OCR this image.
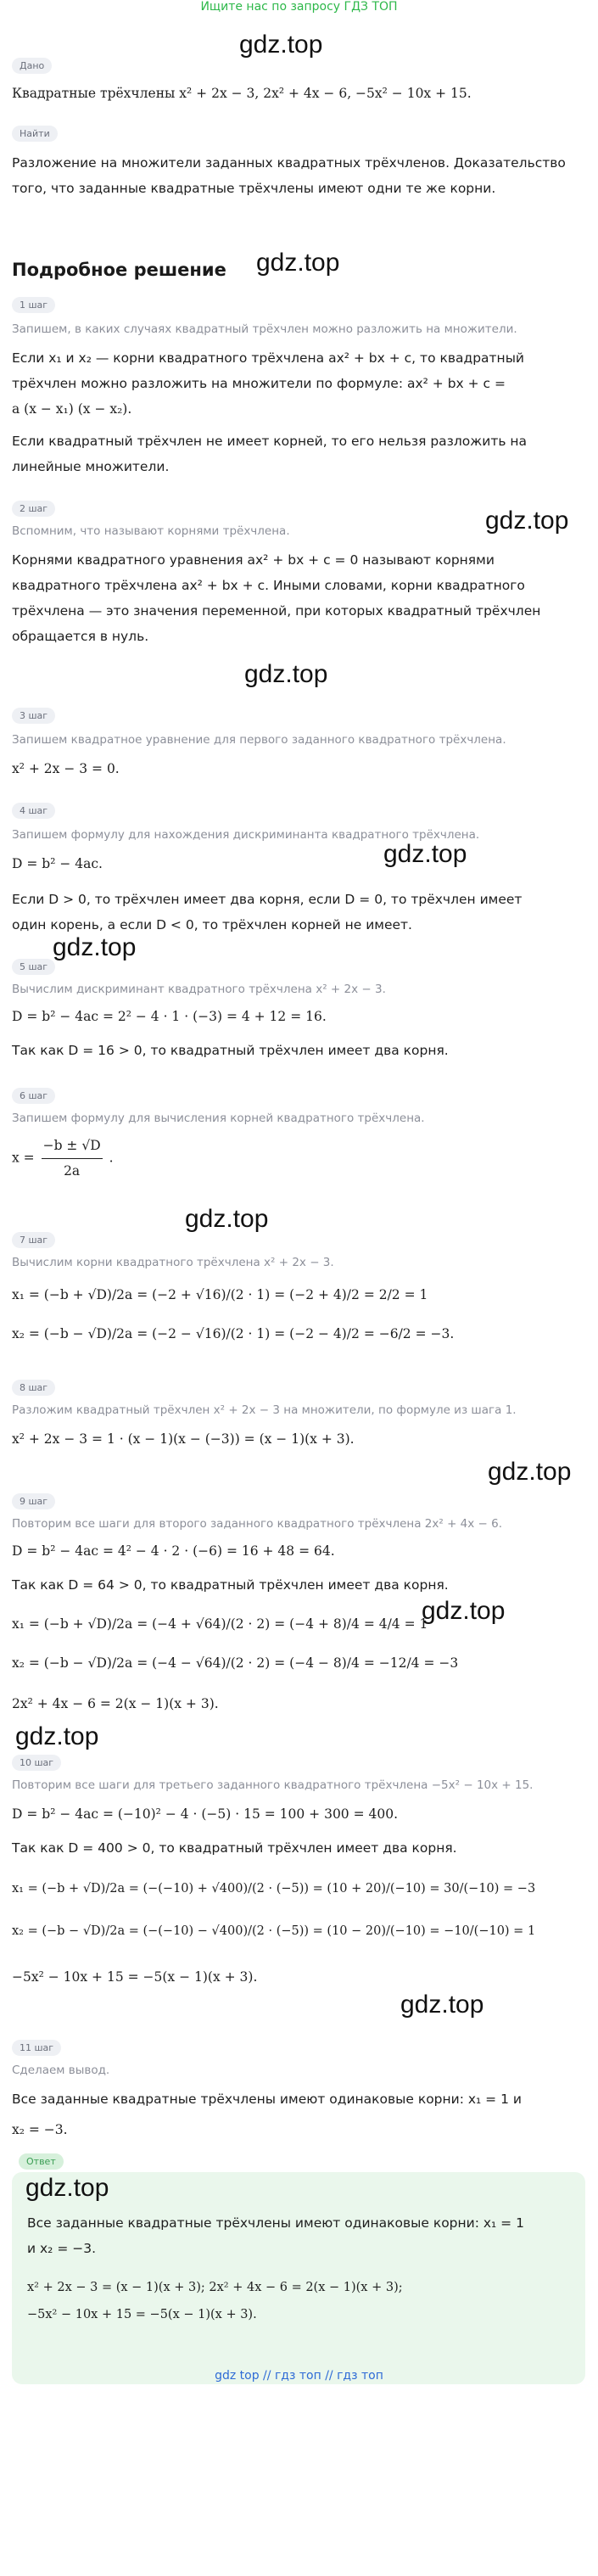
Ищите нас по запросу ГДЗ ТОП
gdz.top
Дано
Квадратные трёхчлены x² + 2x − 3, 2x² + 4x − 6, −5x² − 10x + 15.
Найти
Разложение на множители заданных квадратных трёхчленов. Доказательство
того, что заданные квадратные трёхчлены имеют одни те же корни.
Подробное решение gdz.top
1 шаг
Запишем, в каких случаях квадратный трёхчлен можно разложить на множители.
Если x₁ и x₂ — корни квадратного трёхчлена ax² + bx + c, то квадратный
трёхчлен можно разложить на множители по формуле: ax² + bx + c =
a (x − x₁) (x − x₂).
Если квадратный трёхчлен не имеет корней, то его нельзя разложить на
линейные множители.
2 шаг	gdz.top
Вспомним, что называют корнями трёхчлена.
Корнями квадратного уравнения ax² + bx + c = 0 называют корнями
квадратного трёхчлена ax² + bx + c. Иными словами, корни квадратного
трёхчлена — это значения переменной, при которых квадратный трёхчлен
обращается в нуль.
gdz.top
3 шаг
Запишем квадратное уравнение для первого заданного квадратного трёхчлена.
x² + 2x − 3 = 0.
4 шаг
Запишем формулу для нахождения дискриминанта квадратного трёхчлена.
D = b² − 4ac.	gdz.top
Если D > 0, то трёхчлен имеет два корня, если D = 0, то трёхчлен имеет
один корень, а если D < 0, то трёхчлен корней не имеет.
gdz.top
5 шаг
Вычислим дискриминант квадратного трёхчлена x² + 2x − 3.
D = b² − 4ac = 2² − 4 · 1 · (−3) = 4 + 12 = 16.
Так как D = 16 > 0, то квадратный трёхчлен имеет два корня.
6 шаг
Запишем формулу для вычисления корней квадратного трёхчлена.
$x = \frac{-b \pm √D}{2a}$ .
gdz.top
7 шаг
Вычислим корни квадратного трёхчлена x² + 2x − 3.
x₁ = (−b + √D)/2a = (−2 + √16)/(2 · 1) = (−2 + 4)/2 = 2/2 = 1
x₂ = (−b − √D)/2a = (−2 − √16)/(2 · 1) = (−2 − 4)/2 = −6/2 = −3.
8 шаг
Разложим квадратный трёхчлен x² + 2x − 3 на множители, по формуле из шага 1.
x² + 2x − 3 = 1 · (x − 1)(x − (−3)) = (x − 1)(x + 3).
gdz.top
9 шаг
Повторим все шаги для второго заданного квадратного трёхчлена 2x² + 4x − 6.
D = b² − 4ac = 4² − 4 · 2 · (−6) = 16 + 48 = 64.
Так как D = 64 > 0, то квадратный трёхчлен имеет два корня.
gdz.top
x₁ = (−b + √D)/2a = (−4 + √64)/(2 · 2) = (−4 + 8)/4 = 4/4 = 1
x₂ = (−b − √D)/2a = (−4 − √64)/(2 · 2) = (−4 − 8)/4 = −12/4 = −3
2x² + 4x − 6 = 2(x − 1)(x + 3).
gdz.top
10 шаг
Повторим все шаги для третьего заданного квадратного трёхчлена −5x² − 10x + 15.
D = b² − 4ac = (−10)² − 4 · (−5) · 15 = 100 + 300 = 400.
Так как D = 400 > 0, то квадратный трёхчлен имеет два корня.
x₁ = (−b + √D)/2a = (−(−10) + √400)/(2 · (−5)) = (10 + 20)/(−10) = 30/(−10) = −3
x₂ = (−b − √D)/2a = (−(−10) − √400)/(2 · (−5)) = (10 − 20)/(−10) = −10/(−10) = 1
−5x² − 10x + 15 = −5(x − 1)(x + 3).
gdz.top
11 шаг
Сделаем вывод.
Все заданные квадратные трёхчлены имеют одинаковые корни: x₁ = 1 и
x₂ = −3.
Ответ
gdz.top
Все заданные квадратные трёхчлены имеют одинаковые корни: x₁ = 1
и x₂ = −3.
x² + 2x − 3 = (x − 1)(x + 3); 2x² + 4x − 6 = 2(x − 1)(x + 3);
−5x² − 10x + 15 = −5(x − 1)(x + 3).
gdz top // гдз топ // гдз топ
